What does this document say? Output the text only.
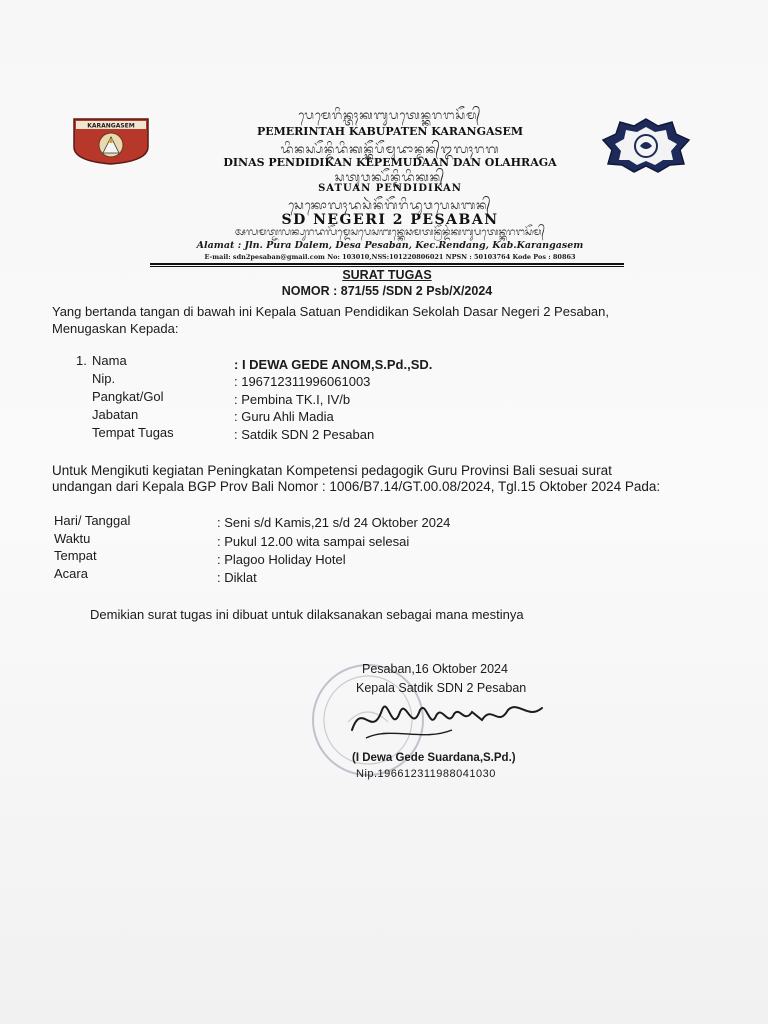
KARANGASEM
ᬧᬾᬫᬾᬭᬶᬦ᭄ᬢᬄᬓᬩᬸᬧᬢᬾᬦ᭄ᬓᬭᬗᬲᭂᬫ᭄
PEMERINTAH KABUPATEN KARANGASEM
ᬤᬶᬦᬲ᭄ᬧᭂᬦ᭄ᬤᬶᬤᬶᬓᬦ᭄ᬓᭂᬧᭂᬫᬸᬤᬵᬦ᭄ᬤᬦ᭄ᬑᬮᬄᬭᬕ
DINAS PENDIDIKAN KEPEMUDAAN DAN OLAHRAGA
ᬲᬢᬸᬯᬦ᭄ᬧᭂᬦ᭄ᬤᬶᬤᬶᬓᬦ᭄
SATUAN PENDIDIKAN
ᬲᬾᬓᭀᬮᬄᬤᬲᬃᬦᭂᬕᭂᬭᬶᬤᬸᬯᬧᬾᬲᬩᬦ᭄
SD NEGERI 2 PESABAN
ᬅᬮᬫᬢ᭄ᬚᬮᬦ᭄ᬧᬸᬭᬤᬮᭂᬫ᭄ᬤᬾᬲᬧᬾᬲᬩᬦ᭄ᬓᬾᬘᬫᬢᬦ᭄ᬭᭂᬦ᭄ᬤᬂᬓᬩᬸᬧᬢᬾᬦ᭄ᬓᬭᬗᬲᭂᬫ᭄
Alamat : Jln. Pura Dalem, Desa Pesaban, Kec.Rendang, Kab.Karangasem
E-mail: sdn2pesaban@gmail.com No: 103010,NSS:101220806021 NPSN : 50103764 Kode Pos : 80863
SURAT TUGAS
NOMOR : 871/55 /SDN 2 Psb/X/2024
Yang bertanda tangan di bawah ini Kepala Satuan Pendidikan Sekolah Dasar Negeri 2 Pesaban, Menugaskan Kepada:
1. Nama	: I DEWA GEDE ANOM,S.Pd.,SD.
Nip.	: 196712311996061003
Pangkat/Gol	: Pembina TK.I, IV/b
Jabatan	: Guru Ahli Madia
Tempat Tugas	: Satdik SDN 2 Pesaban
Untuk Mengikuti kegiatan Peningkatan Kompetensi pedagogik Guru Provinsi Bali sesuai surat undangan dari Kepala BGP Prov Bali Nomor : 1006/B7.14/GT.00.08/2024, Tgl.15 Oktober 2024 Pada:
Hari/ Tanggal	: Seni s/d Kamis,21 s/d 24 Oktober 2024
Waktu	: Pukul 12.00 wita sampai selesai
Tempat	: Plagoo Holiday Hotel
Acara	: Diklat
Demikian surat tugas ini dibuat untuk dilaksanakan sebagai mana mestinya
Pesaban,16 Oktober 2024
Kepala Satdik SDN 2 Pesaban
(I Dewa Gede Suardana,S.Pd.)
Nip.196612311988041030
